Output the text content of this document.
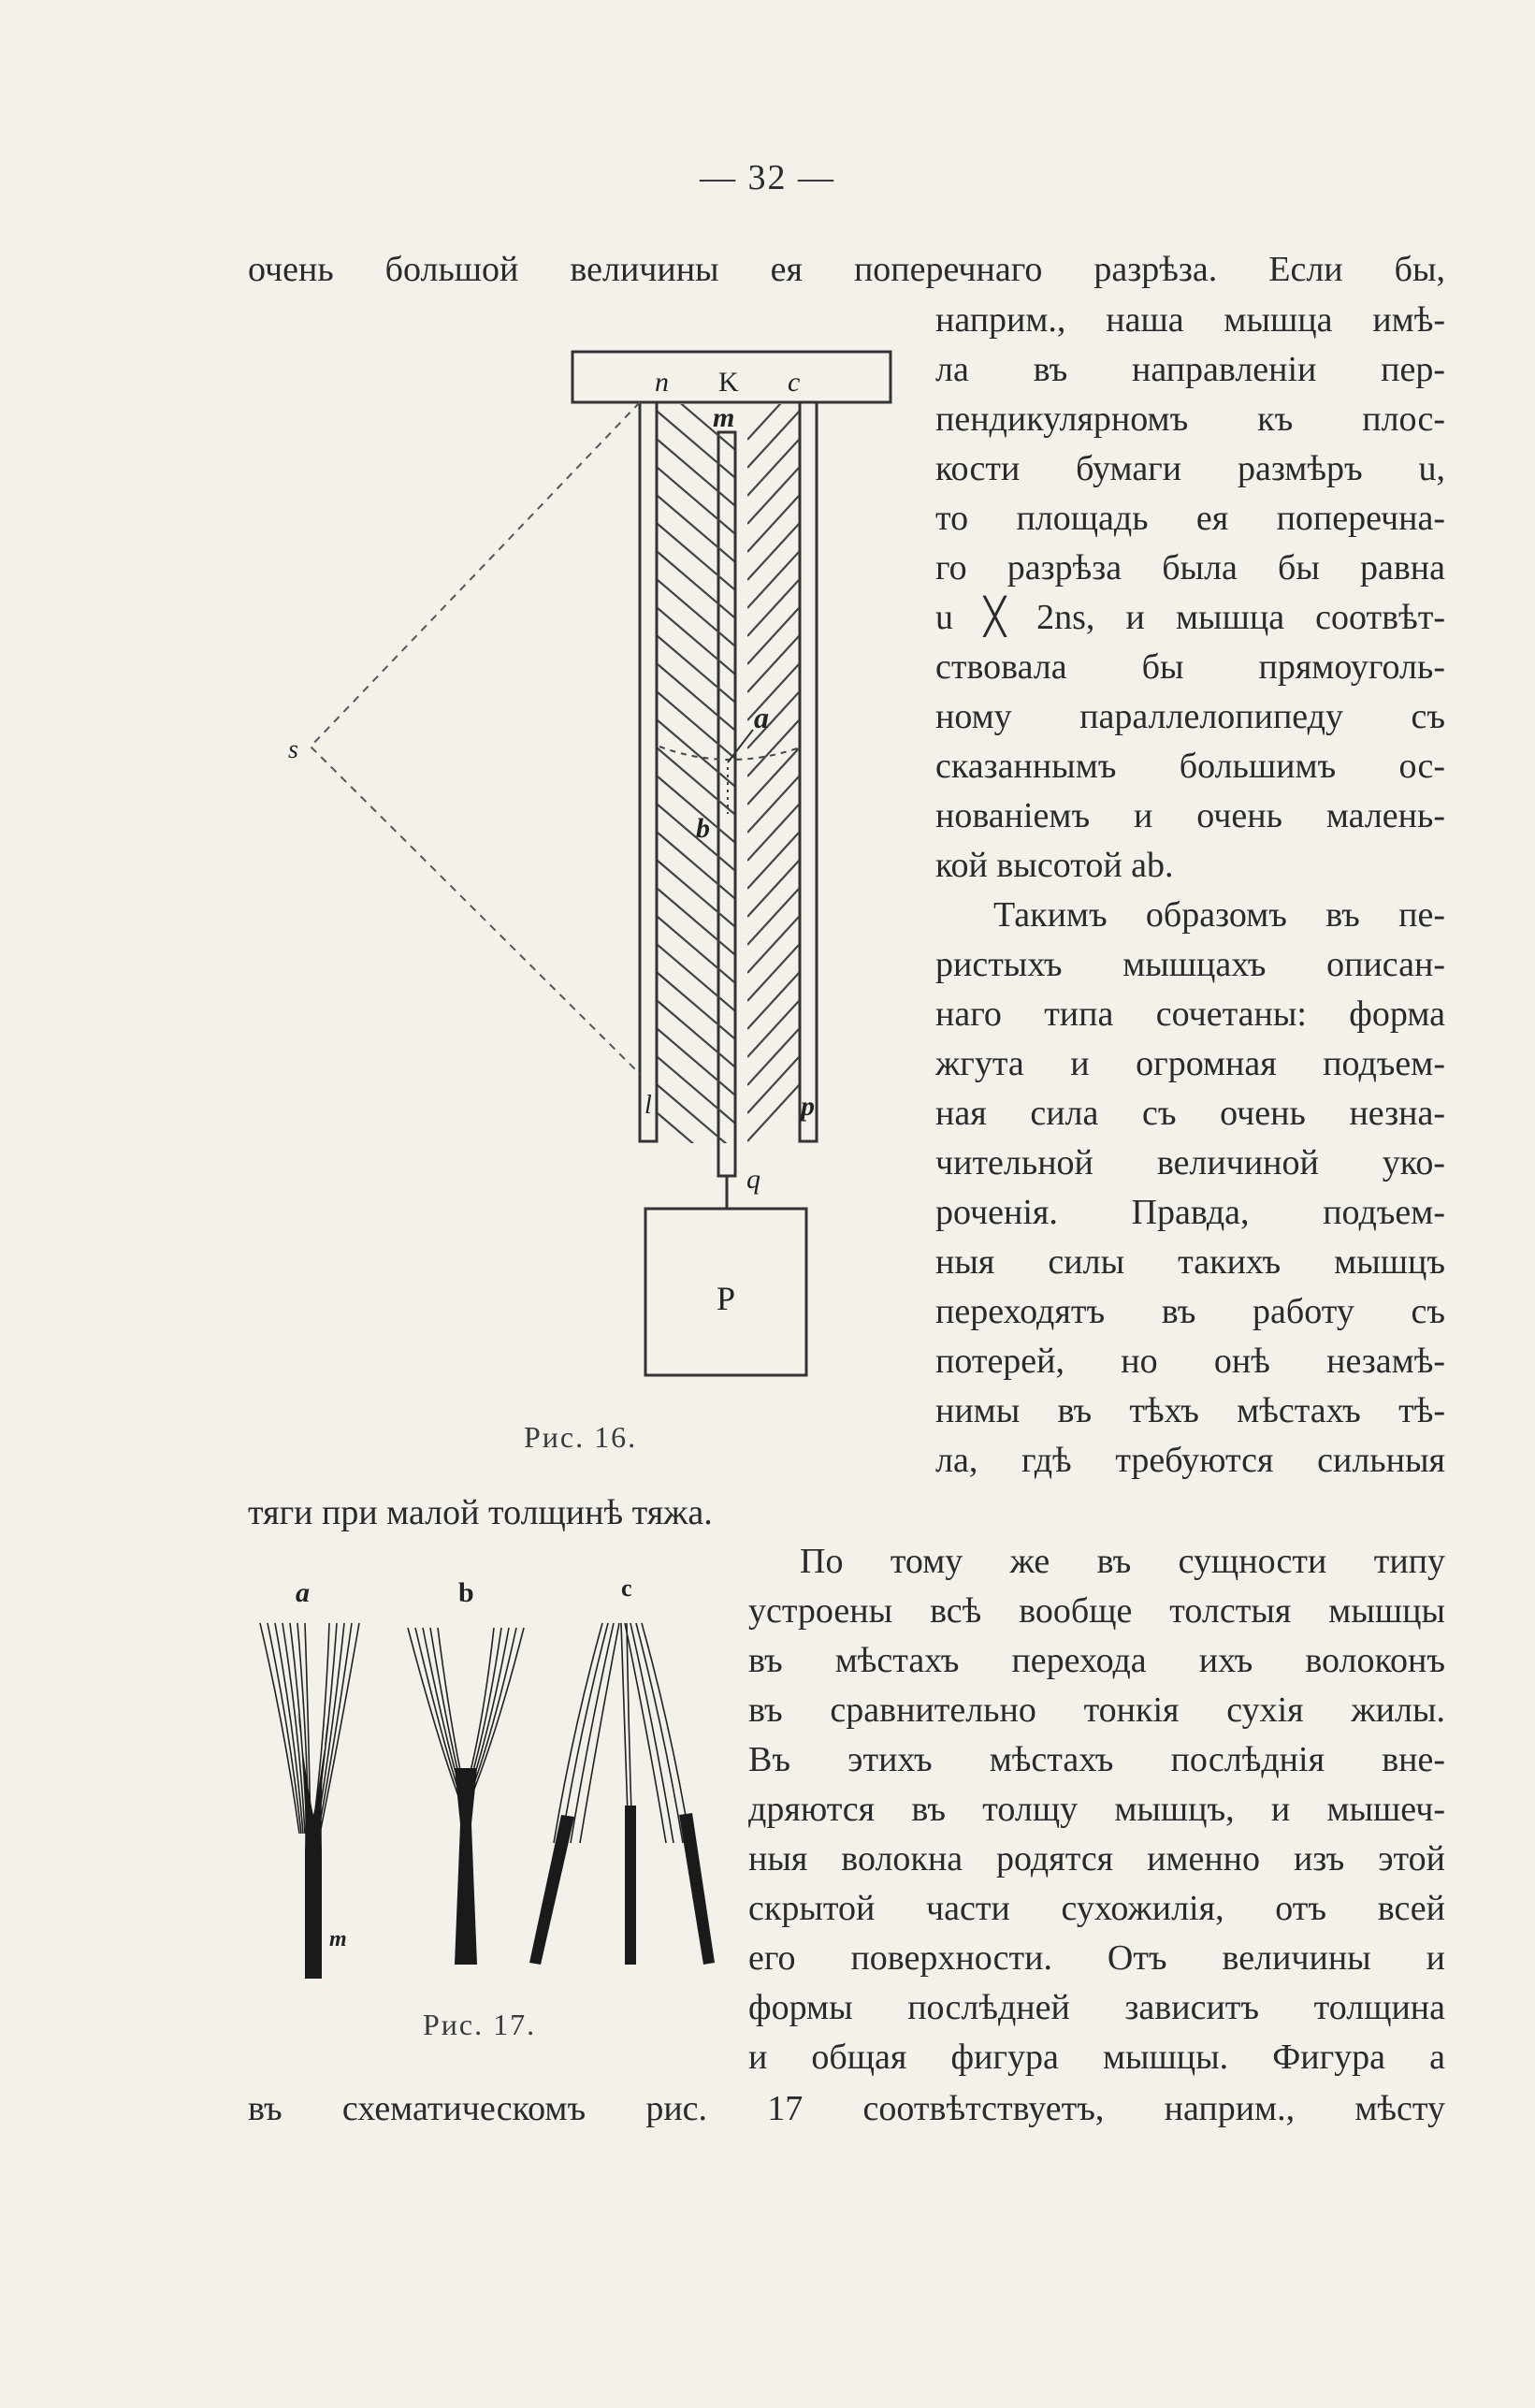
— 32 —
очень большой величины ея поперечнаго разрѣза. Если бы,
наприм., наша мышца имѣ-
ла въ направленіи пер-
пендикулярномъ къ плос-
кости бумаги размѣръ u,
то площадь ея поперечна-
го разрѣза была бы равна
u ╳ 2ns, и мышца соотвѣт-
ствовала бы прямоуголь-
ному параллелопипеду съ
сказаннымъ большимъ ос-
нованіемъ и очень малень-
кой высотой ab.
Такимъ образомъ въ пе-
ристыхъ мышцахъ описан-
наго типа сочетаны: форма
жгута и огромная подъем-
ная сила съ очень незна-
чительной величиной уко-
роченія. Правда, подъем-
ныя силы такихъ мышцъ
переходятъ въ работу съ
потерей, но онѣ незамѣ-
нимы въ тѣхъ мѣстахъ тѣ-
ла, гдѣ требуются сильныя
тяги при малой толщинѣ тяжа.
По тому же въ сущности типу
устроены всѣ вообще толстыя мышцы
въ мѣстахъ перехода ихъ волоконъ
въ сравнительно тонкія сухія жилы.
Въ этихъ мѣстахъ послѣднія вне-
дряются въ толщу мышцъ, и мышеч-
ныя волокна родятся именно изъ этой
скрытой части сухожилія, отъ всей
его поверхности. Отъ величины и
формы послѣдней зависитъ толщина
и общая фигура мышцы. Фигура a
въ схематическомъ рис. 17 соотвѣтствуетъ, наприм., мѣсту
n K c
m
a
b
s
l	p
q
P
Рис. 16.
a	b	c
m
Рис. 17.
